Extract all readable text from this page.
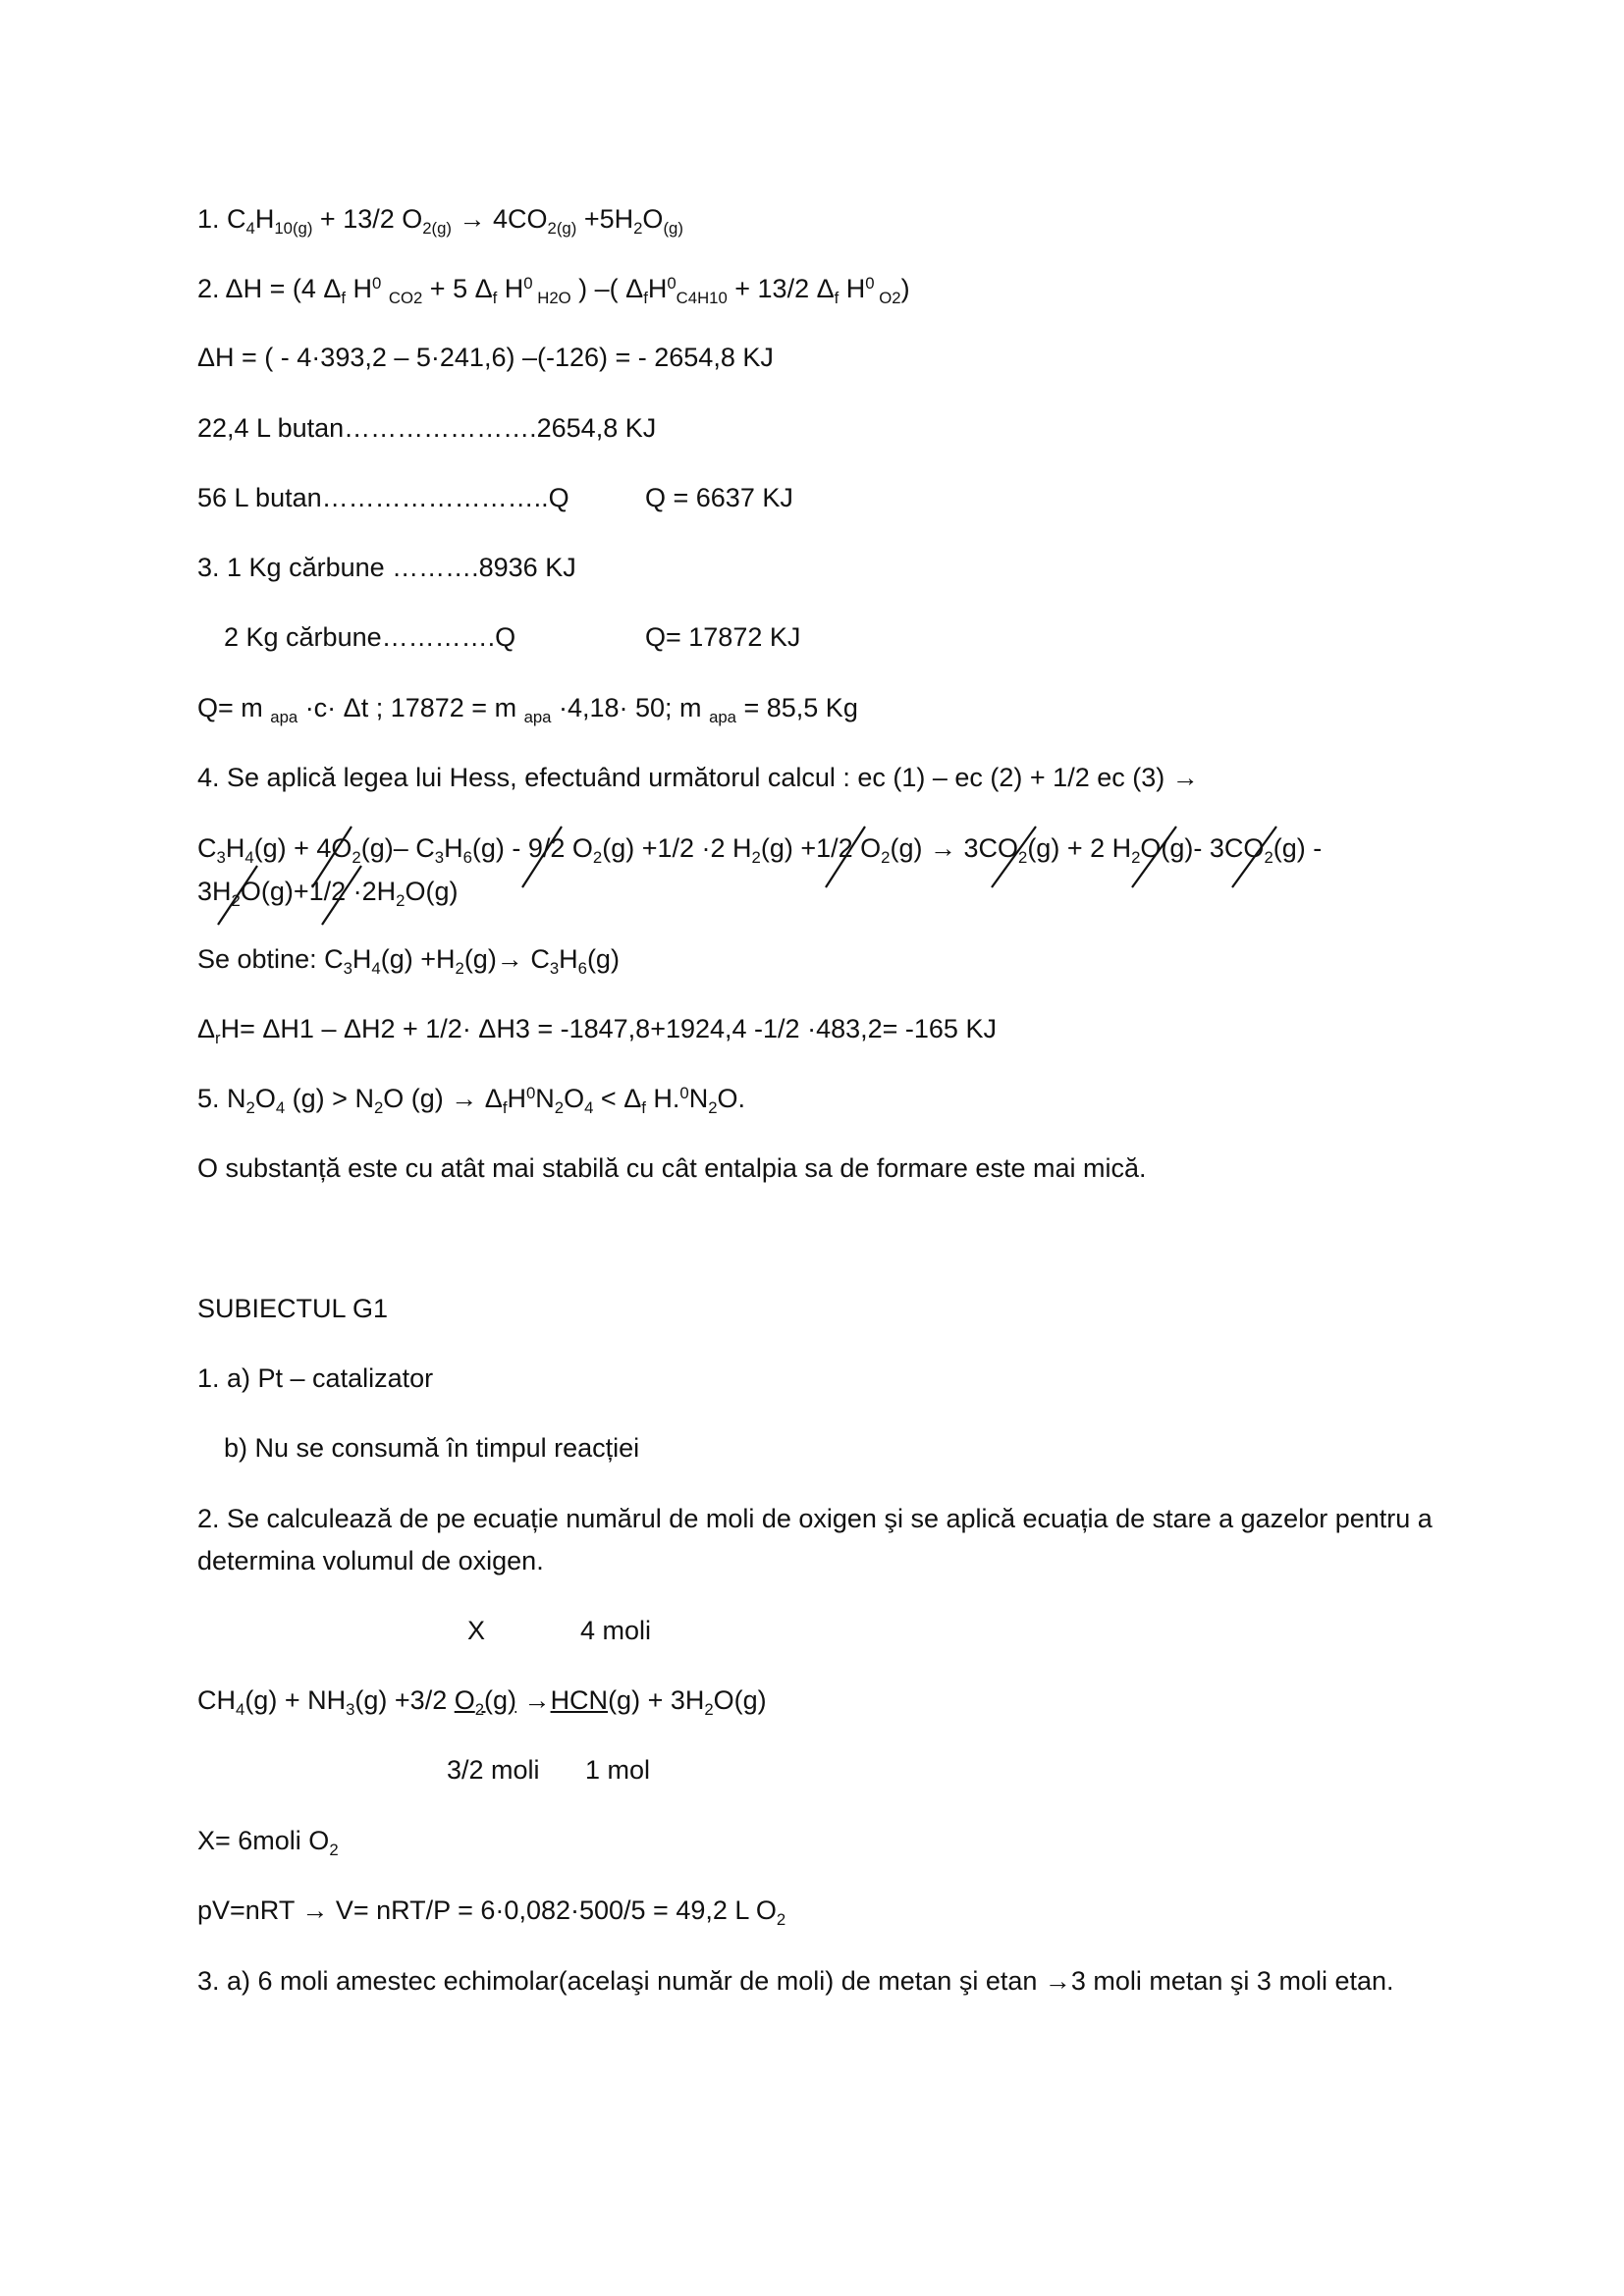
1. $C_4H_{10(g)} + 13/2$ $O_{2(g)} \to 4CO_{2(g)} +5H_2O_{(g)}$
2. ΔH = (4 $\Delta_f$ $H^0$ $_{CO2}$ + 5 $\Delta_f$ $H^0$ $_{H2O}$ ) –( $\Delta_fH^0_{C4H10} + 13/2$ $\Delta_f$ $H^0$ $_{O2}$)
ΔH = ( - 4·393,2 – 5·241,6) –(-126) = - 2654,8 KJ
22,4 L butan………………….2654,8 KJ
56 L butan……………………..Q	Q = 6637 KJ
3. 1 Kg cărbune ……….8936 KJ
2 Kg cărbune………….Q	Q= 17872 KJ
Q= m $_{apa}$ ·c· Δt ; 17872 = m $_{apa}$ ·4,18· 50; m $_{apa}$ = 85,5 Kg
4. Se aplică legea lui Hess, efectuând următorul calcul : ec (1) – ec (2) + 1/2 ec (3) →
$C_3H_4(g) + 4O_2(g)-$ $C_3H_6(g) - 9/2$ $O_2(g) +1/2 \cdot 2$ $H_2(g) +1/2$ $O_2(g) \to 3CO_2(g) + 2$ $H_2O(g)-$ $3CO_2(g)$ -
$3H_2O(g)+1/2 \cdot 2H_2O(g)$
Se obtine: $C_3H_4(g) +H_2(g)\to C_3H_6(g)$
$\Delta_rH= \Delta H1 - \Delta H2 + 1/2\cdot \Delta H3 = -1847,8+1924,4$ -1/2 ·483,2= -165 KJ
5. $N_2O_4$ $(g) > N_2O$ $(g) \to \Delta_fH^0N_2O_4 < \Delta_f$ $H.^0N_2O$.
O substanță este cu atât mai stabilă cu cât entalpia sa de formare este mai mică.
SUBIECTUL G1
1. a) Pt – catalizator
b) Nu se consumă în timpul reacției
2. Se calculează de pe ecuație numărul de moli de oxigen şi se aplică ecuația de stare a gazelor pentru a determina volumul de oxigen.
X	4 moli
$CH_4(g) + NH_3(g) +3/2$ $O_2(g) \to HCN(g) + 3H_2O(g)$
3/2 moli 1 mol
X= 6moli $O_2$
pV=nRT → V= nRT/P = 6·0,082·500/5 = 49,2 L $O_2$
3. a) 6 moli amestec echimolar(acelaşi număr de moli) de metan şi etan →3 moli metan şi 3 moli etan.
